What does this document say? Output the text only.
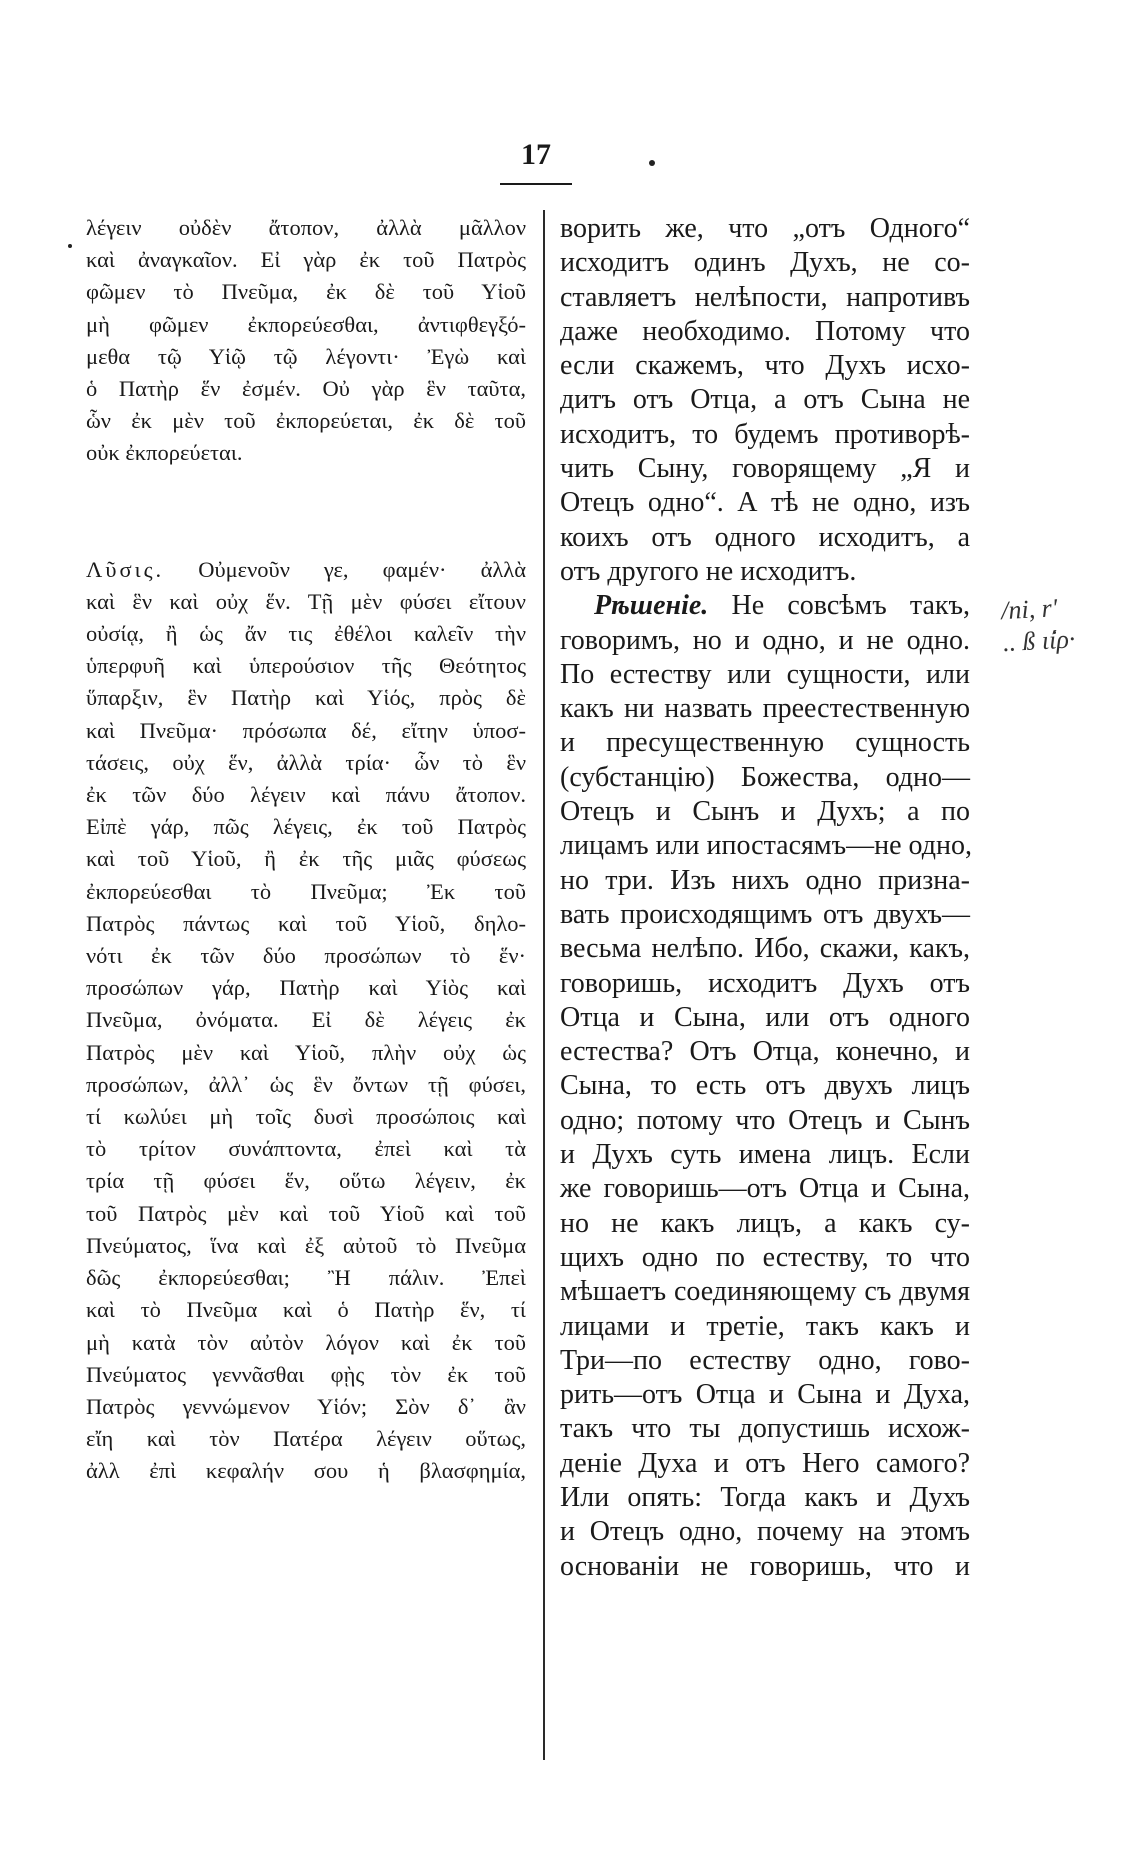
17
λέγειν οὐδὲν ἄτοπον, ἀλλὰ μᾶλλον
καὶ ἀναγκαῖον. Εἰ γὰρ ἐκ τοῦ Πατρὸς
φῶμεν τὸ Πνεῦμα, ἐκ δὲ τοῦ Υἱοῦ
μὴ φῶμεν ἐκπορεύεσθαι, ἀντιφθεγξό-
μεθα τῷ Υἱῷ τῷ λέγοντι· Ἐγὼ καὶ
ὁ Πατὴρ ἕν ἐσμέν. Οὐ γὰρ ἓν ταῦτα,
ὧν ἐκ μὲν τοῦ ἐκπορεύεται, ἐκ δὲ τοῦ
οὐκ ἐκπορεύεται.
Λῦσις. Οὐμενοῦν γε, φαμέν· ἀλλὰ
καὶ ἓν καὶ οὐχ ἕν. Τῇ μὲν φύσει εἴτουν
οὐσίᾳ, ἢ ὡς ἄν τις ἐθέλοι καλεῖν τὴν
ὑπερφυῆ καὶ ὑπερούσιον τῆς Θεότητος
ὕπαρξιν, ἓν Πατὴρ καὶ Υἱός, πρὸς δὲ
καὶ Πνεῦμα· πρόσωπα δέ, εἴτην ὑποσ-
τάσεις, οὐχ ἕν, ἀλλὰ τρία· ὧν τὸ ἓν
ἐκ τῶν δύο λέγειν καὶ πάνυ ἄτοπον.
Εἰπὲ γάρ, πῶς λέγεις, ἐκ τοῦ Πατρὸς
καὶ τοῦ Υἱοῦ, ἢ ἐκ τῆς μιᾶς φύσεως
ἐκπορεύεσθαι τὸ Πνεῦμα; Ἐκ τοῦ
Πατρὸς πάντως καὶ τοῦ Υἱοῦ, δηλο-
νότι ἐκ τῶν δύο προσώπων τὸ ἕν·
προσώπων γάρ, Πατὴρ καὶ Υἱὸς καὶ
Πνεῦμα, ὀνόματα. Εἰ δὲ λέγεις ἐκ
Πατρὸς μὲν καὶ Υἱοῦ, πλὴν οὐχ ὡς
προσώπων, ἀλλ᾽ ὡς ἓν ὄντων τῇ φύσει,
τί κωλύει μὴ τοῖς δυσὶ προσώποις καὶ
τὸ τρίτον συνάπτοντα, ἐπεὶ καὶ τὰ
τρία τῇ φύσει ἕν, οὕτω λέγειν, ἐκ
τοῦ Πατρὸς μὲν καὶ τοῦ Υἱοῦ καὶ τοῦ
Πνεύματος, ἵνα καὶ ἐξ αὐτοῦ τὸ Πνεῦμα
δῶς ἐκπορεύεσθαι; Ἢ πάλιν. Ἐπεὶ
καὶ τὸ Πνεῦμα καὶ ὁ Πατὴρ ἕν, τί
μὴ κατὰ τὸν αὐτὸν λόγον καὶ ἐκ τοῦ
Πνεύματος γεννᾶσθαι φῂς τὸν ἐκ τοῦ
Πατρὸς γεννώμενον Υἱόν; Σὸν δ᾽ ἂν
εἴη καὶ τὸν Πατέρα λέγειν οὕτως,
ἀλλ ἐπὶ κεφαλήν σου ἡ βλασφημία,
ворить же, что „отъ Одного“
исходитъ одинъ Духъ, не со-
ставляетъ нелѣпости, напротивъ
даже необходимо. Потому что
если скажемъ, что Духъ исхо-
дитъ отъ Отца, а отъ Сына не
исходитъ, то будемъ противорѣ-
чить Сыну, говорящему „Я и
Отецъ одно“. А тѣ не одно, изъ
коихъ отъ одного исходитъ, а
отъ другого не исходитъ.
Рѣшеніе. Не совсѣмъ такъ,
говоримъ, но и одно, и не одно.
По естеству или сущности, или
какъ ни назвать преестественную
и пресущественную сущность
(субстанцію) Божества, одно—
Отецъ и Сынъ и Духъ; а по
лицамъ или ипостасямъ—не одно,
но три. Изъ нихъ одно призна-
вать происходящимъ отъ двухъ—
весьма нелѣпо. Ибо, скажи, какъ,
говоришь, исходитъ Духъ отъ
Отца и Сына, или отъ одного
естества? Отъ Отца, конечно, и
Сына, то есть отъ двухъ лицъ
одно; потому что Отецъ и Сынъ
и Духъ суть имена лицъ. Если
же говоришь—отъ Отца и Сына,
но не какъ лицъ, а какъ су-
щихъ одно по естеству, то что
мѣшаетъ соединяющему съ двумя
лицами и третіе, такъ какъ и
Три—по естеству одно, гово-
рить—отъ Отца и Сына и Духа,
такъ что ты допустишь исхож-
деніе Духа и отъ Него самого?
Или опять: Тогда какъ и Духъ
и Отецъ одно, почему на этомъ
основаніи не говоришь, что и
/ni, r'
.. ß ι̇ίρ·
